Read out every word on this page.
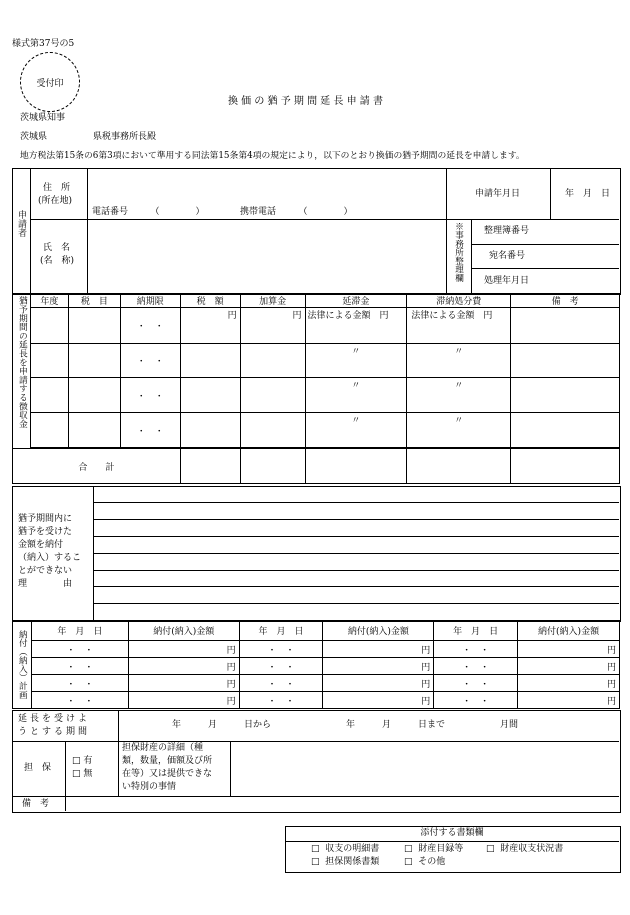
様式第37号の5
受付印
換 価 の 猶 予 期 間 延 長 申 請 書
茨城県知事
茨城県	県税事務所長殿
地方税法第15条の6第3項において準用する同法第15条第4項の規定により，以下のとおり換価の猶予期間の延長を申請します。
申請者
住　所
(所在地)
電話番号　　　（　　　　）	携帯電話　　　（　　　　）
氏　名
(名　称)
申請年月日	年　月　日
※事務所整理欄 整理簿番号
宛名番号
処理年月日
猶予期間の延長を申請する徴収金	年度	税　目	納期限	税　額	加算金	延滞金	滞納処分費	備　考
			・　・	円	円	法律による金額　円	法律による金額　円	
			・　・			〃	〃	
			・　・			〃	〃	
			・　・			〃	〃	

合　　計								
猶予期間内に
猶予を受けた
金額を納付
（納入）するこ
とができない
理　　　　由
納付（納入）計画	年　月　日	納付(納入)金額	年　月　日	納付(納入)金額	年　月　日	納付(納入)金額
	・　・	円	・　・	円	・　・	円
	・　・	円	・　・	円	・　・	円
	・　・	円	・　・	円	・　・	円
	・　・	円	・　・	円	・　・	円
延長を受けよ
うとする期間
年　　　月　　　日から	年　　　月　　　日まで	月間
担　保
□ 有
□ 無
担保財産の詳細（種
類，数量，価額及び所
在等）又は提供できな
い特別の事情
備　考
添付する書類欄
□ 収支の明細書	□ 財産目録等	□ 財産収支状況書
□ 担保関係書類	□ その他
